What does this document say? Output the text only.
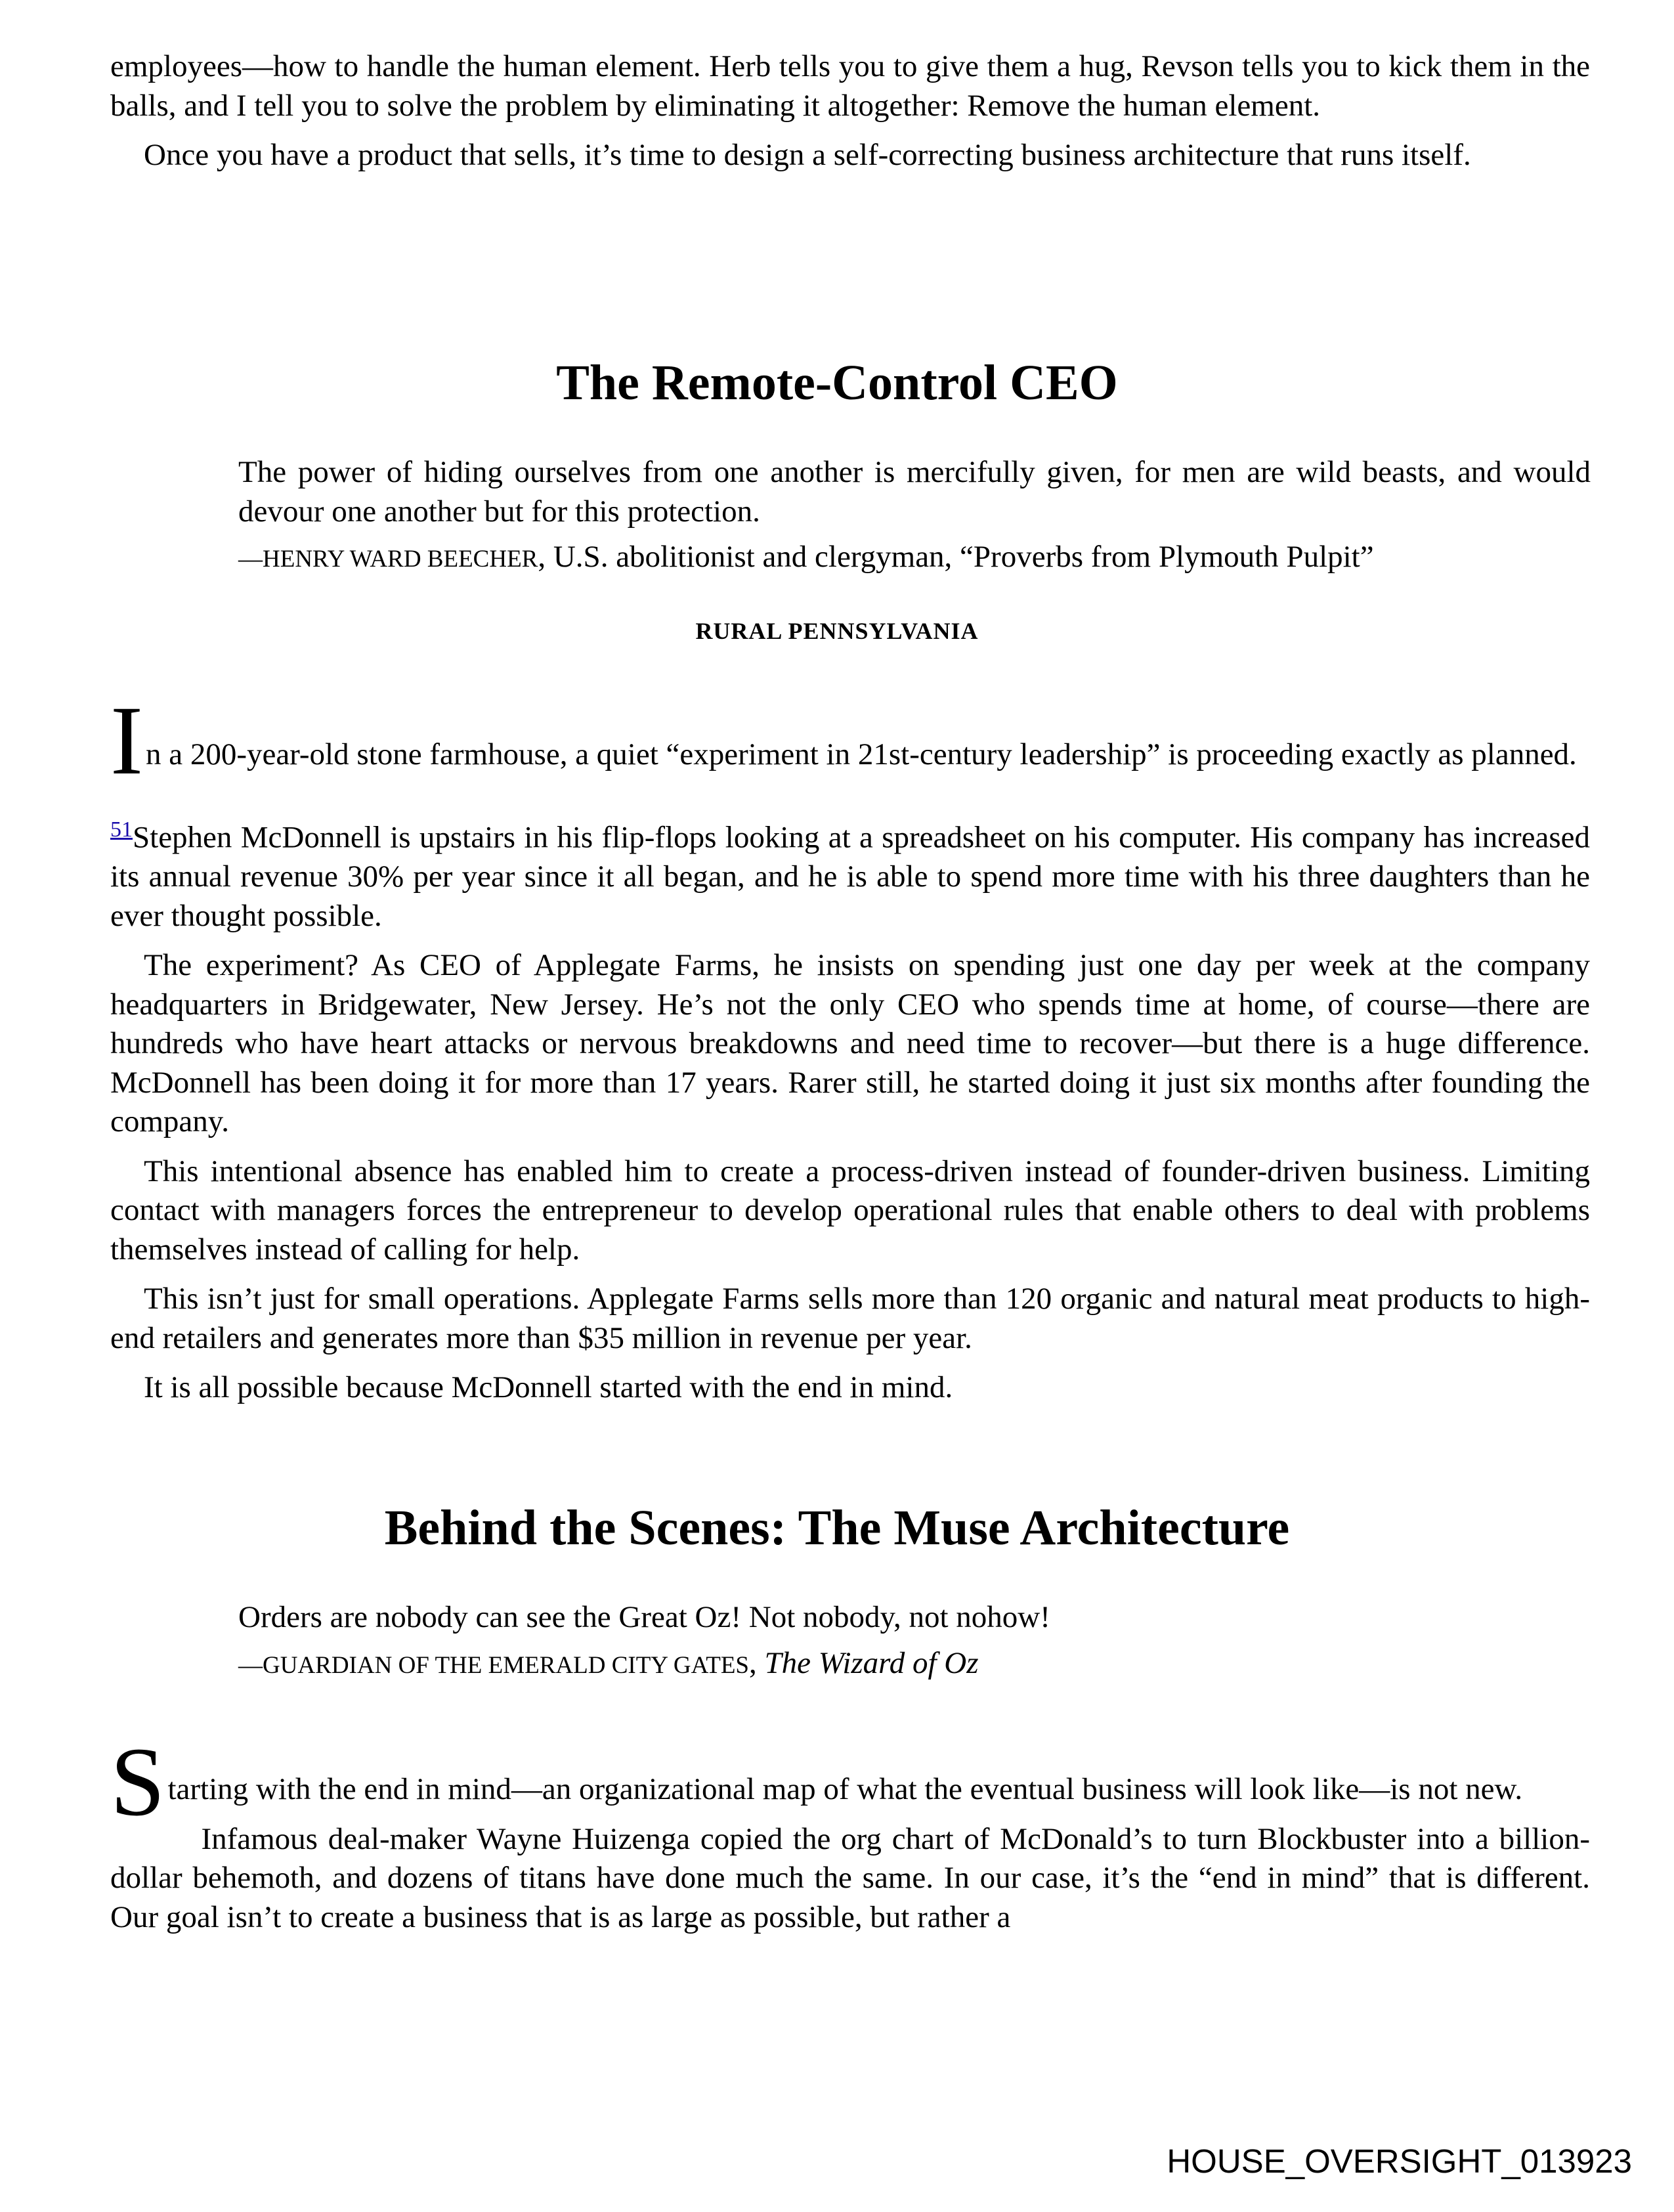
employees—how to handle the human element. Herb tells you to give them a hug, Revson tells you to kick them in the balls, and I tell you to solve the problem by eliminating it altogether: Remove the human element.

Once you have a product that sells, it’s time to design a self-correcting business architecture that runs itself.

The Remote-Control CEO

The power of hiding ourselves from one another is mercifully given, for men are wild beasts, and would devour one another but for this protection.

—HENRY WARD BEECHER, U.S. abolitionist and clergyman, “Proverbs from Plymouth Pulpit”
RURAL PENNSYLVANIA

I n a 200-year-old stone farmhouse, a quiet “experiment in 21st-century leadership” is proceeding exactly as planned.

$^{51}$Stephen McDonnell is upstairs in his flip-flops looking at a spreadsheet on his computer. His company has increased its annual revenue 30% per year since it all began, and he is able to spend more time with his three daughters than he ever thought possible.

The experiment? As CEO of Applegate Farms, he insists on spending just one day per week at the company headquarters in Bridgewater, New Jersey. He’s not the only CEO who spends time at home, of course—there are hundreds who have heart attacks or nervous breakdowns and need time to recover—but there is a huge difference. McDonnell has been doing it for more than 17 years. Rarer still, he started doing it just six months after founding the company.

This intentional absence has enabled him to create a process-driven instead of founder-driven business. Limiting contact with managers forces the entrepreneur to develop operational rules that enable others to deal with problems themselves instead of calling for help.

This isn’t just for small operations. Applegate Farms sells more than 120 organic and natural meat products to high-end retailers and generates more than $35 million in revenue per year.

It is all possible because McDonnell started with the end in mind.

Behind the Scenes: The Muse Architecture

Orders are nobody can see the Great Oz! Not nobody, not nohow!

—GUARDIAN OF THE EMERALD CITY GATES, The Wizard of Oz

Starting with the end in mind—an organizational map of what the eventual business will look like—is not new.

Infamous deal-maker Wayne Huizenga copied the org chart of McDonald’s to turn Blockbuster into a billion-dollar behemoth, and dozens of titans have done much the same. In our case, it’s the “end in mind” that is different. Our goal isn’t to create a business that is as large as possible, but rather a

HOUSE_OVERSIGHT_013923
